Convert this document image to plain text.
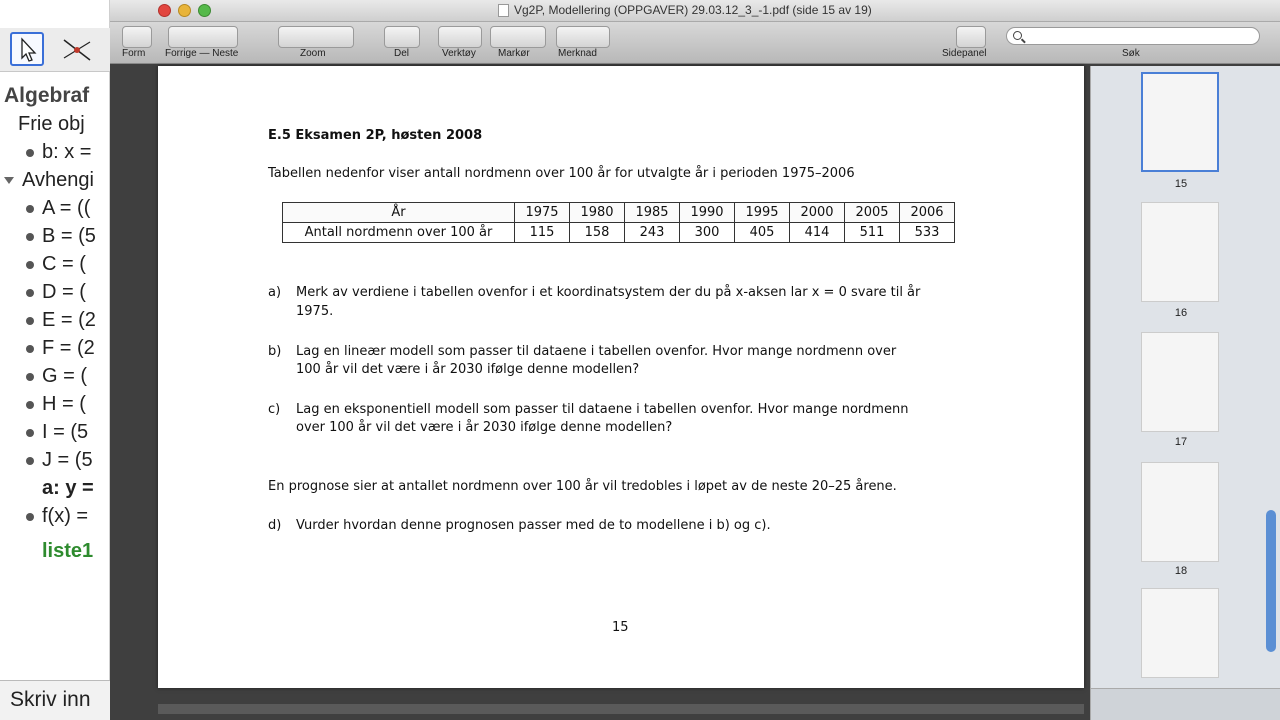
Algebraf
Frie obj
b: x =
Avhengi
A = ((
B = (5
C = (
D = (
E = (2
F = (2
G = (
H = (
I = (5
J = (5
a: y =
f(x) =
liste1
Skriv inn
Vg2P, Modellering (OPPGAVER) 29.03.12_3_-1.pdf (side 15 av 19)
Form Forrige — Neste	Zoom	Del	Verktøy Markør	Merknad	Sidepanel	Søk
E.5 Eksamen 2P, høsten 2008
Tabellen nedenfor viser antall nordmenn over 100 år for utvalgte år i perioden 1975–2006
År	1975	1980	1985	1990	1995	2000	2005	2006
Antall nordmenn over 100 år	115	158	243	300	405	414	511	533
a) Merk av verdiene i tabellen ovenfor i et koordinatsystem der du på x-aksen lar x = 0 svare til år
1975.
b) Lag en lineær modell som passer til dataene i tabellen ovenfor. Hvor mange nordmenn over
100 år vil det være i år 2030 ifølge denne modellen?
c) Lag en eksponentiell modell som passer til dataene i tabellen ovenfor. Hvor mange nordmenn
over 100 år vil det være i år 2030 ifølge denne modellen?
En prognose sier at antallet nordmenn over 100 år vil tredobles i løpet av de neste 20–25 årene.
d) Vurder hvordan denne prognosen passer med de to modellene i b) og c).
15
15
16
17
18
